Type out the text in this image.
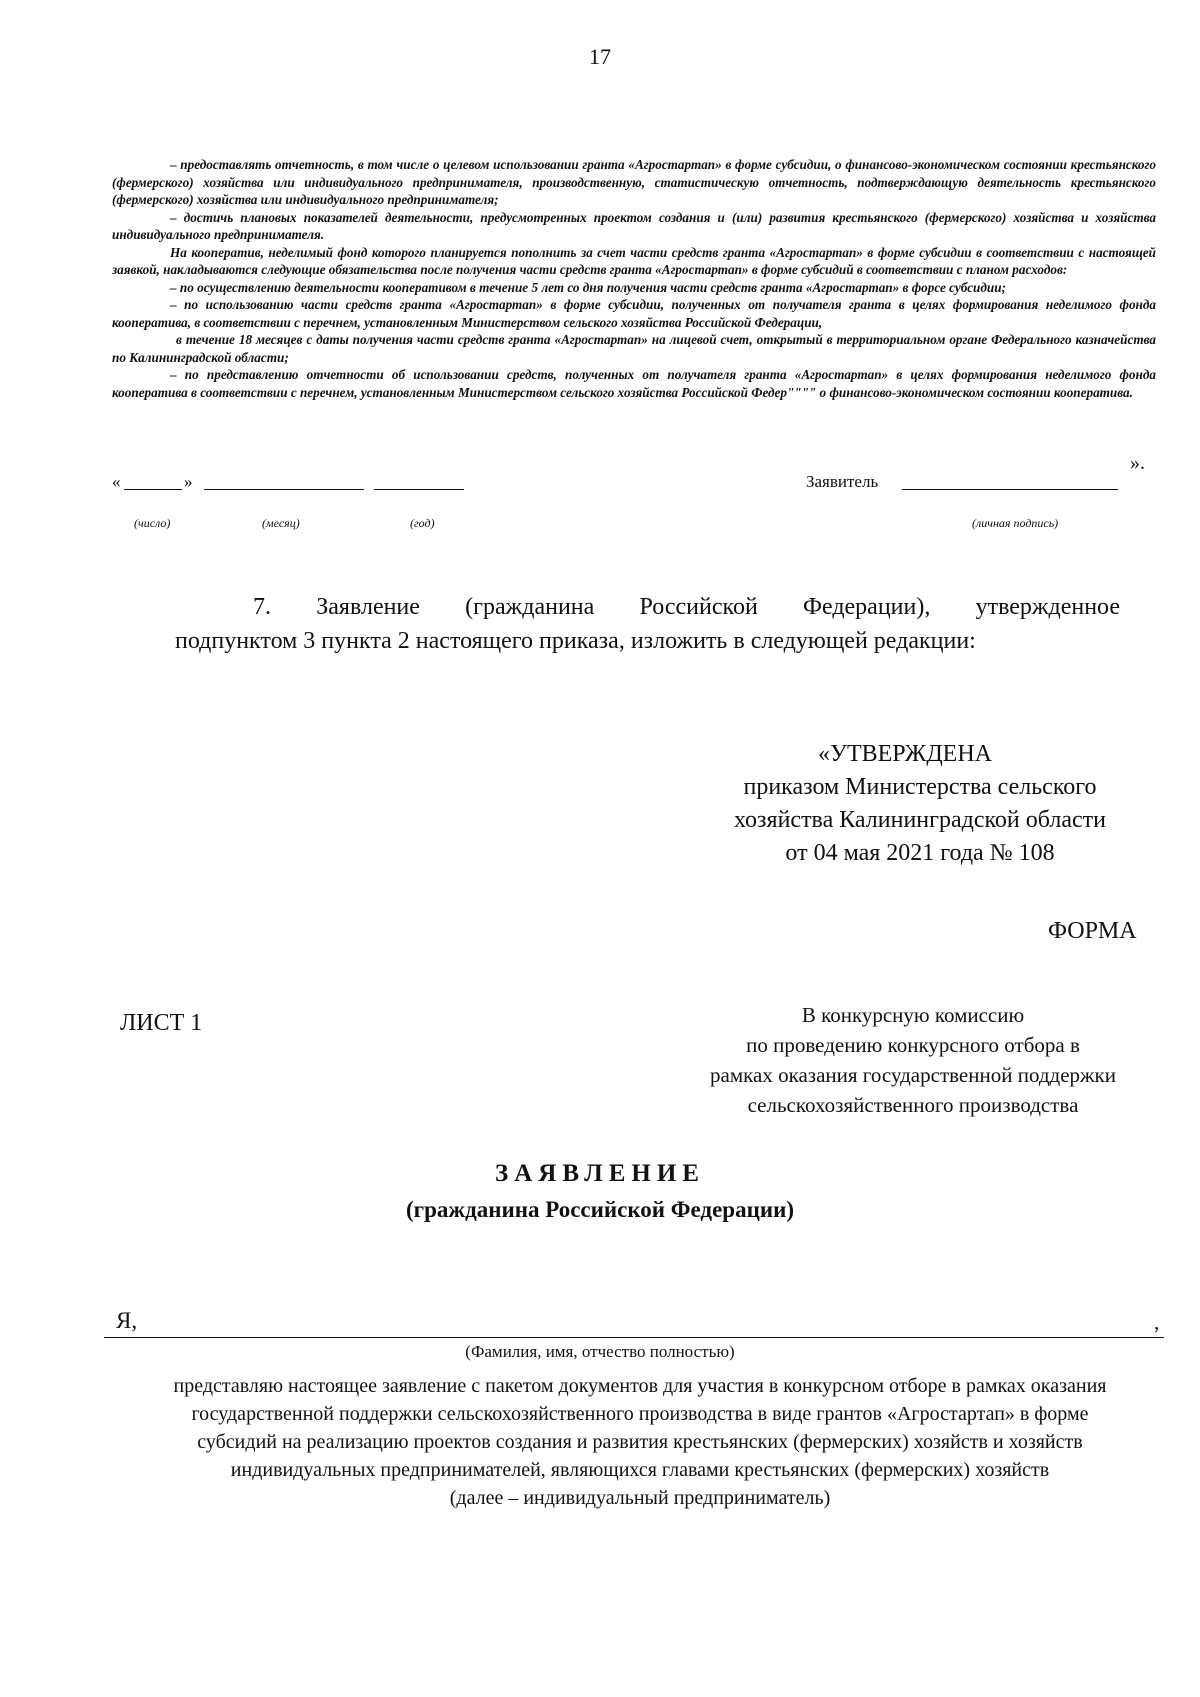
17

– предоставлять отчетность, в том числе о целевом использовании гранта «Агростартап» в форме субсидии, о финансово-экономическом состоянии крестьянского (фермерского) хозяйства или индивидуального предпринимателя, производственную, статистическую отчетность, подтверждающую деятельность крестьянского (фермерского) хозяйства или индивидуального предпринимателя;

– достичь плановых показателей деятельности, предусмотренных проектом создания и (или) развития крестьянского (фермерского) хозяйства и хозяйства индивидуального предпринимателя.

На кооператив, неделимый фонд которого планируется пополнить за счет части средств гранта «Агростартап» в форме субсидии в соответствии с настоящей заявкой, накладываются следующие обязательства после получения части средств гранта «Агростартап» в форме субсидий в соответствии с планом расходов:

– по осуществлению деятельности кооперативом в течение 5 лет со дня получения части средств гранта «Агростартап» в форсе субсидии;

– по использованию части средств гранта «Агростартап» в форме субсидии, полученных от получателя гранта в целях формирования неделимого фонда кооператива, в соответствии с перечнем, установленным Министерством сельского хозяйства Российской Федерации,

в течение 18 месяцев с даты получения части средств гранта «Агростартап» на лицевой счет, открытый в территориальном органе Федерального казначейства по Калининградской области;

– по представлению отчетности об использовании средств, полученных от получателя гранта «Агростартап» в целях формирования неделимого фонда кооператива в соответствии с перечнем, установленным Министерством сельского хозяйства Российской Федер"""" о финансово-экономическом состоянии кооператива.

».
«	»	Заявитель
(число)	(месяц)	(год)	(личная подпись)
7. Заявление (гражданина Российской Федерации), утвержденное
подпунктом 3 пункта 2 настоящего приказа, изложить в следующей редакции:
«УТВЕРЖДЕНА
приказом Министерства сельского
хозяйства Калининградской области
от 04 мая 2021 года № 108
ФОРМА
ЛИСТ 1	В конкурсную комиссию
по проведению конкурсного отбора в
рамках оказания государственной поддержки
сельскохозяйственного производства
ЗАЯВЛЕНИЕ
(гражданина Российской Федерации)
Я,	,
(Фамилия, имя, отчество полностью)
представляю настоящее заявление с пакетом документов для участия в конкурсном отборе в рамках оказания
государственной поддержки сельскохозяйственного производства в виде грантов «Агростартап» в форме
субсидий на реализацию проектов создания и развития крестьянских (фермерских) хозяйств и хозяйств
индивидуальных предпринимателей, являющихся главами крестьянских (фермерских) хозяйств
(далее – индивидуальный предприниматель)
